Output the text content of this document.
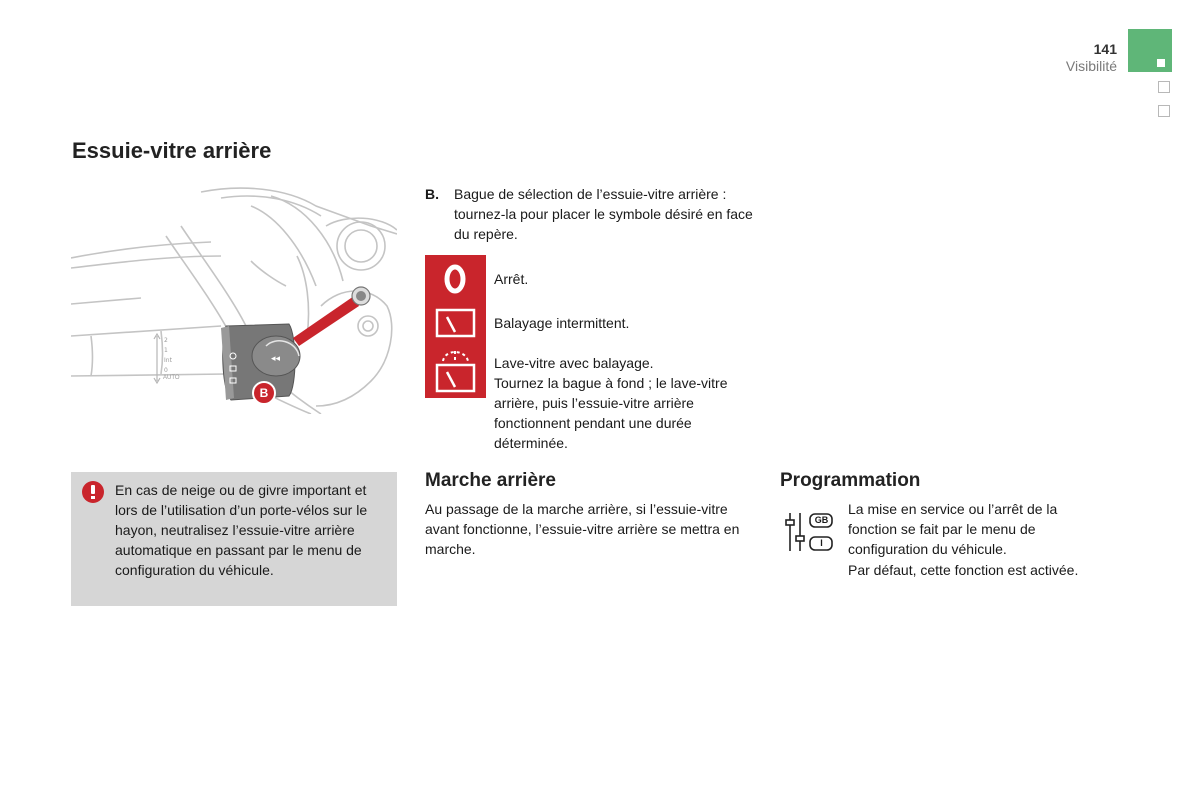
141
Visibilité
Essuie-vitre arrière
2
1
Int
0
◂◂
B
AUTO
B. Bague de sélection de l’essuie-vitre arrière : tournez-la pour placer le symbole désiré en face du repère.
Arrêt.
Balayage intermittent.
Lave-vitre avec balayage.
Tournez la bague à fond ; le lave-vitre arrière, puis l’essuie-vitre arrière fonctionnent pendant une durée déterminée.
En cas de neige ou de givre important et lors de l’utilisation d’un porte-vélos sur le hayon, neutralisez l’essuie-vitre arrière automatique en passant par le menu de configuration du véhicule.
Marche arrière
Au passage de la marche arrière, si l’essuie-vitre avant fonctionne, l’essuie-vitre arrière se mettra en marche.
Programmation
GB
I
La mise en service ou l’arrêt de la fonction se fait par le menu de configuration du véhicule.
Par défaut, cette fonction est activée.
